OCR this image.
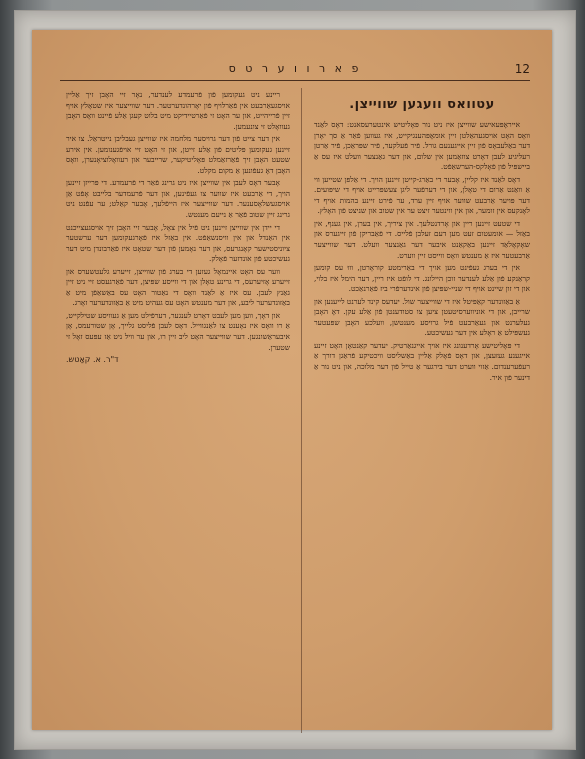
פ א ר ו ו ע ר ט ס	12
עטוואס וועגען שווייצן.
אייראָפּעאישע שווייצן איז ניט נור פּאָליטיש אינטערעסאנט: דאָס לאַנד וואָס האָט אויסגעהאַלטן זיין אומאָפּהענגיקייט, איז געווען פֿאַר אַ סך יאָרן דער באַלעבאָס פֿון זיין אייגענעם גורל. פֿיר פֿעלקער, פֿיר שפּראַכן, פֿיר אַרטן רעליגיע לעבן דאָרט צוזאַמען אין שלום, און דער גאַנצער וועלט איז עס אַ ביישפּיל פֿון פֿאָלקס-הערשאַפֿט.
דאָס לאַנד איז קליין, אָבער די באַרג-קייטן זיינען הויך. די אַלפּן שטייען ווי אַ וואַנט אַרום די טאָלן, און די דערפֿער ליגן צעשפּרייט אויף די שיפּועים. דער פּויער אַרבעט שווער אויף זיין ערד, ער פֿירט זיינע בהמות אויף די לאָנקעס אין זומער, און אין ווינטער זיצט ער אין שטוב און שניצט פֿון האָלץ.
די שטעט זיינען ריין און אָרדנטלעך. אין ציריך, אין בערן, אין גענף, אין באַזל — אומעטום זעט מען דעם זעלבן פֿלייס. די פֿאַבריקן פֿון זייגערס און שאָקאָלאַד זיינען באַקאַנט איבער דער גאַנצער וועלט. דער שווייצער אַרבעטער איז אַ מענטש וואָס ווייסט זיין ווערט.
אין די בערג געפֿינט מען אויך די באַרימטע קוראָרטן, וווּ עס קומען קראַנקע פֿון אַלע לענדער זוכן היילונג. די לופֿט איז ריין, דער הימל איז בלוי, און די זון שיינט אויף די שניי-שפּיצן פֿון אינדערפֿרי ביז פֿאַרנאַכט.
אַ באַזונדער קאַפּיטל איז די שווייצער שול. יעדעס קינד לערנט לייענען און שרייבן, און די אוניווערסיטעטן ציען צו סטודענטן פֿון אַלע עקן. דאָ האָבן געלערנט און געאַרבעט פֿיל גרויסע מענטשן, וועלכע האָבן שפּעטער געשפּילט אַ ראָלע אין דער געשיכטע.
די פּאָליטישע אָרדענונג איז אויך אייגנאַרטיק. יעדער קאַנטאָן האָט זיינע אייגענע געזעצן, און דאָס פֿאָלק אַליין באַשליסט וויכטיקע פֿראַגן דורך אַ רעפֿערענדום. אַזוי ווערט דער בירגער אַ טייל פֿון דער מלוכה, און ניט נור אַ דינער פֿון איר.
ריינע ניט געקומען פֿון פֿרעמדע לענדער, נאָר זיי האָבן זיך אַליין אויסגעאַרבעט אין פֿאַרלויף פֿון יאָרהונדערטער. דער שווייצער איז שטאָלץ אויף זיין פֿרייהייט, און ער האָט זי פֿאַרטיידיקט מיט בלוט קעגן אַלע פֿיינט וואָס האָבן געוואָלט זי צונעמען.
אין דער צייט פֿון דער גרויסער מלחמה איז שווייצן געבליבן נייטראַל. צו איר זיינען געקומען פּליטים פֿון אַלע זייטן, און זי האָט זיי אויפֿגענומען. אין אירע שטעט האָבן זיך פֿאַרזאַמלט פּאָליטיקער, שרייבער און רעוואָלוציאָנערן, וואָס האָבן דאָ געפֿונען אַ מקום מקלט.
אָבער דאָס לעבן אין שווייצן איז ניט גרינג פֿאַר די פֿרעמדע. די פּרייזן זיינען הויך, די אַרבעט איז שווער צו געפֿינען, און דער פֿרעמדער בלייבט אָפֿט אַן אויסגעשלאָסענער. דער שווייצער איז הייפֿלעך, אָבער קאַלט; ער עפֿנט ניט גרינג זיין שטוב פֿאַר אַ נייעם מענטש.
די יידן אין שווייצן זיינען ניט פֿיל אין צאָל, אָבער זיי האָבן זיך אויסגעצייכנט אין האַנדל און אין וויסנשאַפֿט. אין באַזל איז פֿאָרגעקומען דער ערשטער ציוניסטישער קאָנגרעס, און דער נאָמען פֿון דער שטאָט איז פֿאַרבונדן מיט דער געשיכטע פֿון אונדזער פֿאָלק.
ווער עס האָט איינמאָל געזען די בערג פֿון שווייצן, זייערע גלעטשערס און זייערע אָזיערעס, די גרינע טאָלן און די ווייסע שפּיצן, דער פֿאַרגעסט זיי ניט זיין גאַנץ לעבן. עס איז אַ לאַנד וואָס די נאַטור האָט עס באַשאַפֿן מיט אַ באַזונדערער ליבע, און דער מענטש האָט עס געהיט מיט אַ באַזונדערער זאָרג.
און דאָך, ווען מען לעבט דאָרט לענגער, דערפֿילט מען אַ געוויסע שטילקייט, אַ רו וואָס איז נאָענט צו לאַנגווייל. דאָס לעבן פֿליסט גלייך, אָן שטורעמס, אָן איבעראַשונגען. דער שווייצער האָט ליב זיין רו, און ער וויל ניט אַז עפּעס זאָל זי שטערן.
ד"ר. א. קאַטש.
